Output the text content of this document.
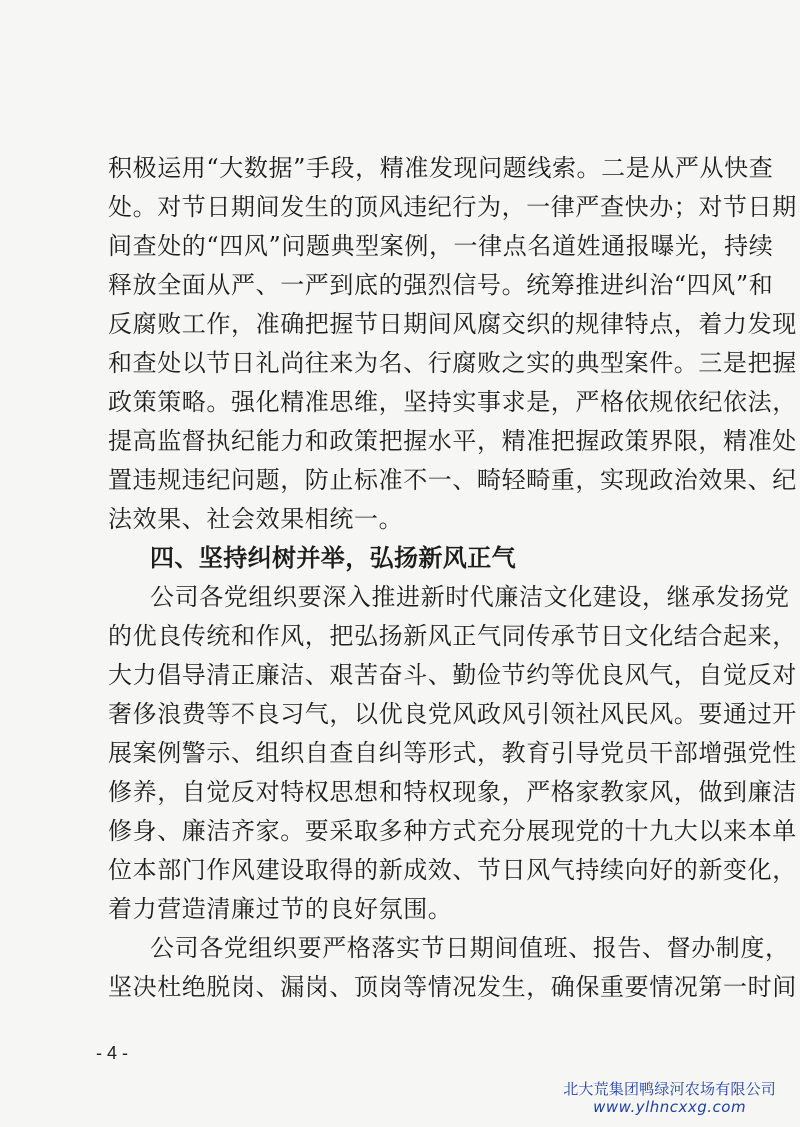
积极运用“大数据”手段，精准发现问题线索。二是从严从快查
处。对节日期间发生的顶风违纪行为，一律严查快办；对节日期
间查处的“四风”问题典型案例，一律点名道姓通报曝光，持续
释放全面从严、一严到底的强烈信号。统筹推进纠治“四风”和
反腐败工作，准确把握节日期间风腐交织的规律特点，着力发现
和查处以节日礼尚往来为名、行腐败之实的典型案件。三是把握
政策策略。强化精准思维，坚持实事求是，严格依规依纪依法，
提高监督执纪能力和政策把握水平，精准把握政策界限，精准处
置违规违纪问题，防止标准不一、畸轻畸重，实现政治效果、纪
法效果、社会效果相统一。
四、坚持纠树并举，弘扬新风正气
公司各党组织要深入推进新时代廉洁文化建设，继承发扬党
的优良传统和作风，把弘扬新风正气同传承节日文化结合起来，
大力倡导清正廉洁、艰苦奋斗、勤俭节约等优良风气，自觉反对
奢侈浪费等不良习气，以优良党风政风引领社风民风。要通过开
展案例警示、组织自查自纠等形式，教育引导党员干部增强党性
修养，自觉反对特权思想和特权现象，严格家教家风，做到廉洁
修身、廉洁齐家。要采取多种方式充分展现党的十九大以来本单
位本部门作风建设取得的新成效、节日风气持续向好的新变化，
着力营造清廉过节的良好氛围。
公司各党组织要严格落实节日期间值班、报告、督办制度，
坚决杜绝脱岗、漏岗、顶岗等情况发生，确保重要情况第一时间
- 4 -
北大荒集团鸭绿河农场有限公司
www.ylhncxxg.com
